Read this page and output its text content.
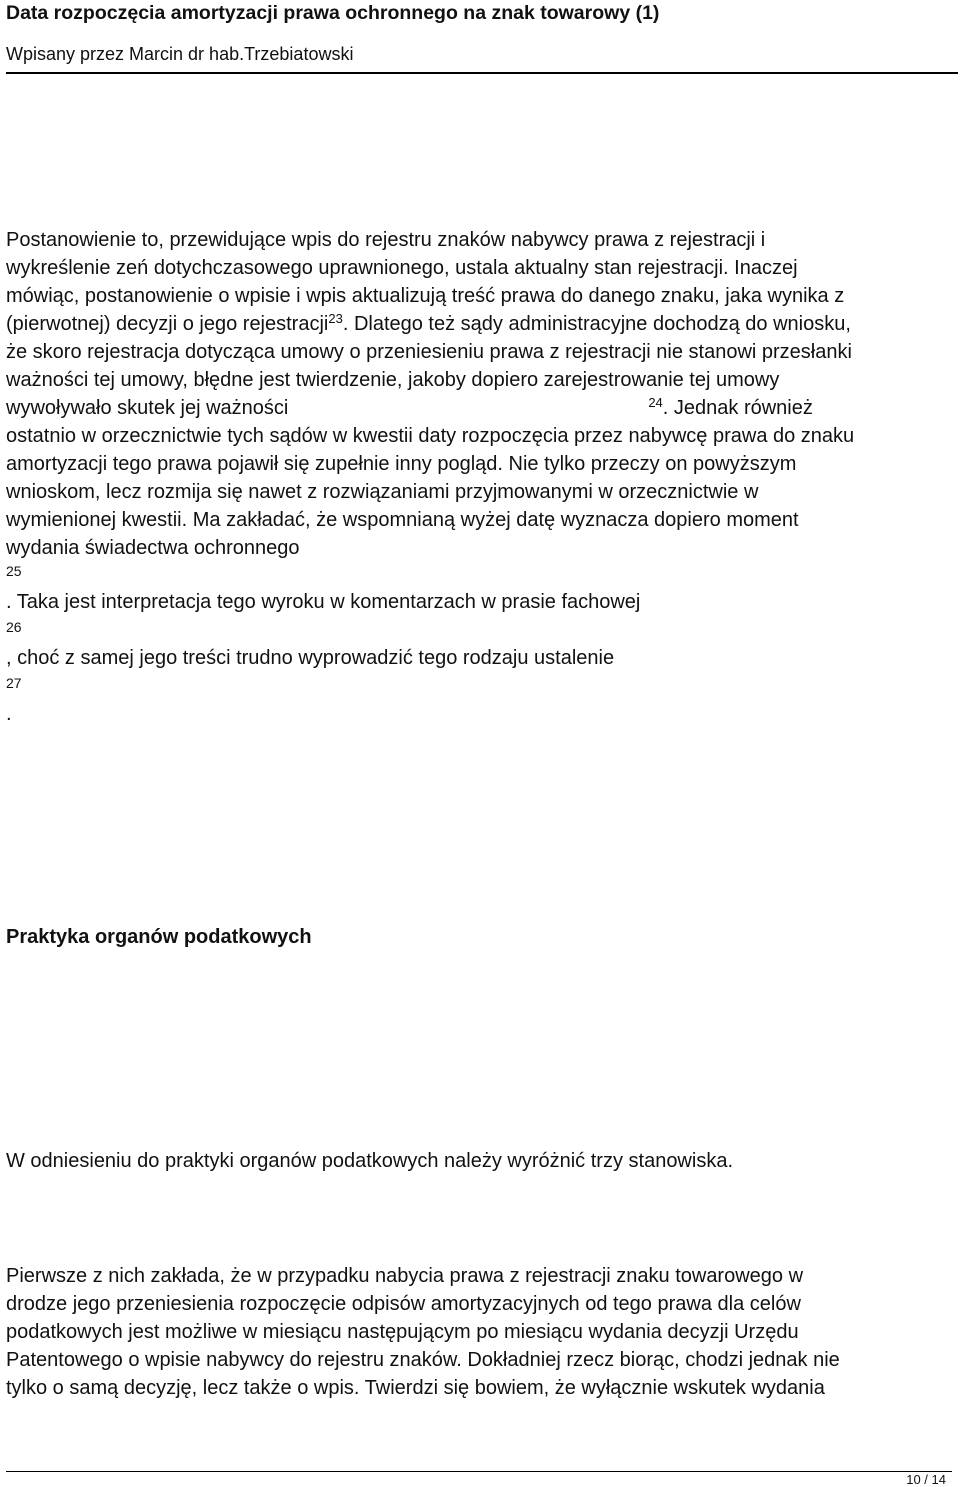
Data rozpoczęcia amortyzacji prawa ochronnego na znak towarowy (1)
Wpisany przez Marcin dr hab.Trzebiatowski
Postanowienie to, przewidujące wpis do rejestru znaków nabywcy prawa z rejestracji i
wykreślenie zeń dotychczasowego uprawnionego, ustala aktualny stan rejestracji. Inaczej
mówiąc, postanowienie o wpisie i wpis aktualizują treść prawa do danego znaku, jaka wynika z
(pierwotnej) decyzji o jego rejestracji$^{23}$. Dlatego też sądy administracyjne dochodzą do wniosku,
że skoro rejestracja dotycząca umowy o przeniesieniu prawa z rejestracji nie stanowi przesłanki
ważności tej umowy, błędne jest twierdzenie, jakoby dopiero zarejestrowanie tej umowy
wywoływało skutek jej ważności	$^{24}$. Jednak również
ostatnio w orzecznictwie tych sądów w kwestii daty rozpoczęcia przez nabywcę prawa do znaku
amortyzacji tego prawa pojawił się zupełnie inny pogląd. Nie tylko przeczy on powyższym
wnioskom, lecz rozmija się nawet z rozwiązaniami przyjmowanymi w orzecznictwie w
wymienionej kwestii. Ma zakładać, że wspomnianą wyżej datę wyznacza dopiero moment
wydania świadectwa ochronnego
25
. Taka jest interpretacja tego wyroku w komentarzach w prasie fachowej
26
, choć z samej jego treści trudno wyprowadzić tego rodzaju ustalenie
27
.
Praktyka organów podatkowych
W odniesieniu do praktyki organów podatkowych należy wyróżnić trzy stanowiska.
Pierwsze z nich zakłada, że w przypadku nabycia prawa z rejestracji znaku towarowego w
drodze jego przeniesienia rozpoczęcie odpisów amortyzacyjnych od tego prawa dla celów
podatkowych jest możliwe w miesiącu następującym po miesiącu wydania decyzji Urzędu
Patentowego o wpisie nabywcy do rejestru znaków. Dokładniej rzecz biorąc, chodzi jednak nie
tylko o samą decyzję, lecz także o wpis. Twierdzi się bowiem, że wyłącznie wskutek wydania
10 / 14
